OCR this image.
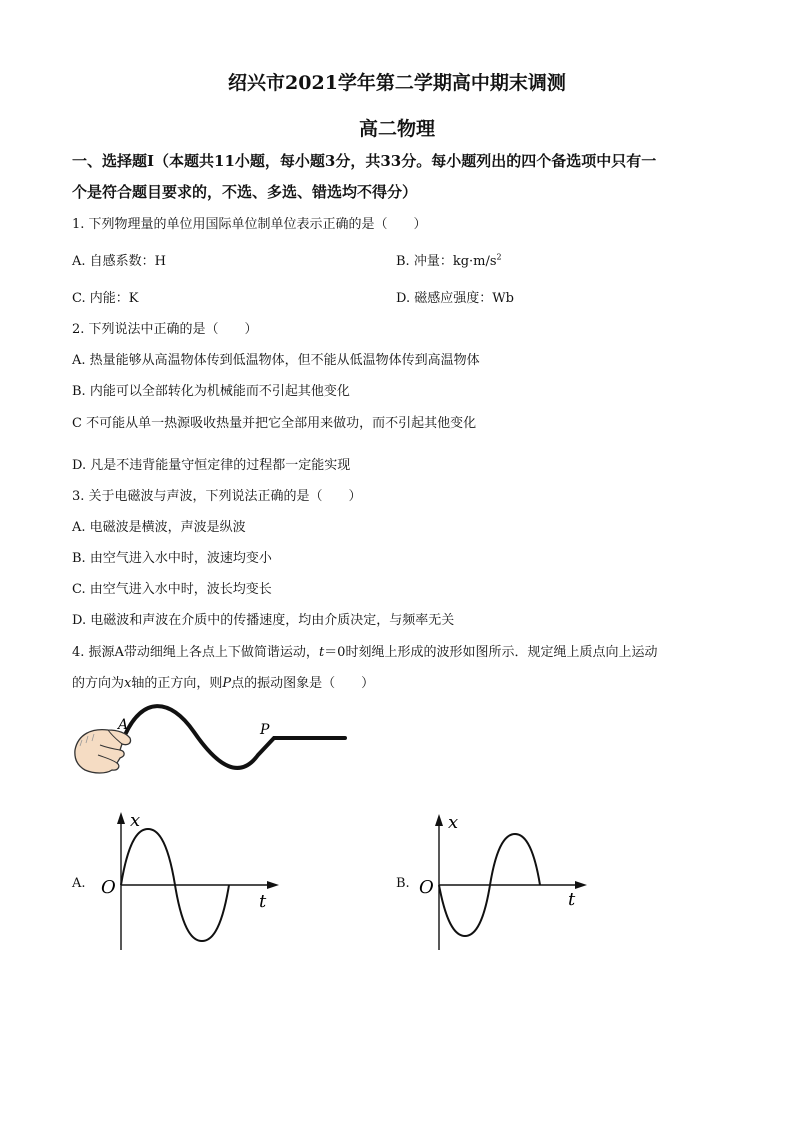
绍兴市2021学年第二学期高中期末调测
高二物理
一、选择题Ⅰ（本题共11小题，每小题3分，共33分。每小题列出的四个备选项中只有一
个是符合题目要求的，不选、多选、错选均不得分）
1. 下列物理量的单位用国际单位制单位表示正确的是（　　）
A. 自感系数：H	B. 冲量：$kg\cdot m/s^2$
C. 内能：K	D. 磁感应强度：Wb
2. 下列说法中正确的是（　　）
A. 热量能够从高温物体传到低温物体，但不能从低温物体传到高温物体
B. 内能可以全部转化为机械能而不引起其他变化
C 不可能从单一热源吸收热量并把它全部用来做功，而不引起其他变化
D. 凡是不违背能量守恒定律的过程都一定能实现
3. 关于电磁波与声波，下列说法正确的是（　　）
A. 电磁波是横波，声波是纵波
B. 由空气进入水中时，波速均变小
C. 由空气进入水中时，波长均变长
D. 电磁波和声波在介质中的传播速度，均由介质决定，与频率无关
4. 振源A带动细绳上各点上下做简谐运动，t＝0时刻绳上形成的波形如图所示．规定绳上质点向上运动
的方向为x轴的正方向，则P点的振动图象是（　　）
A	P
A.
x
t
O	B.
x
t
O
